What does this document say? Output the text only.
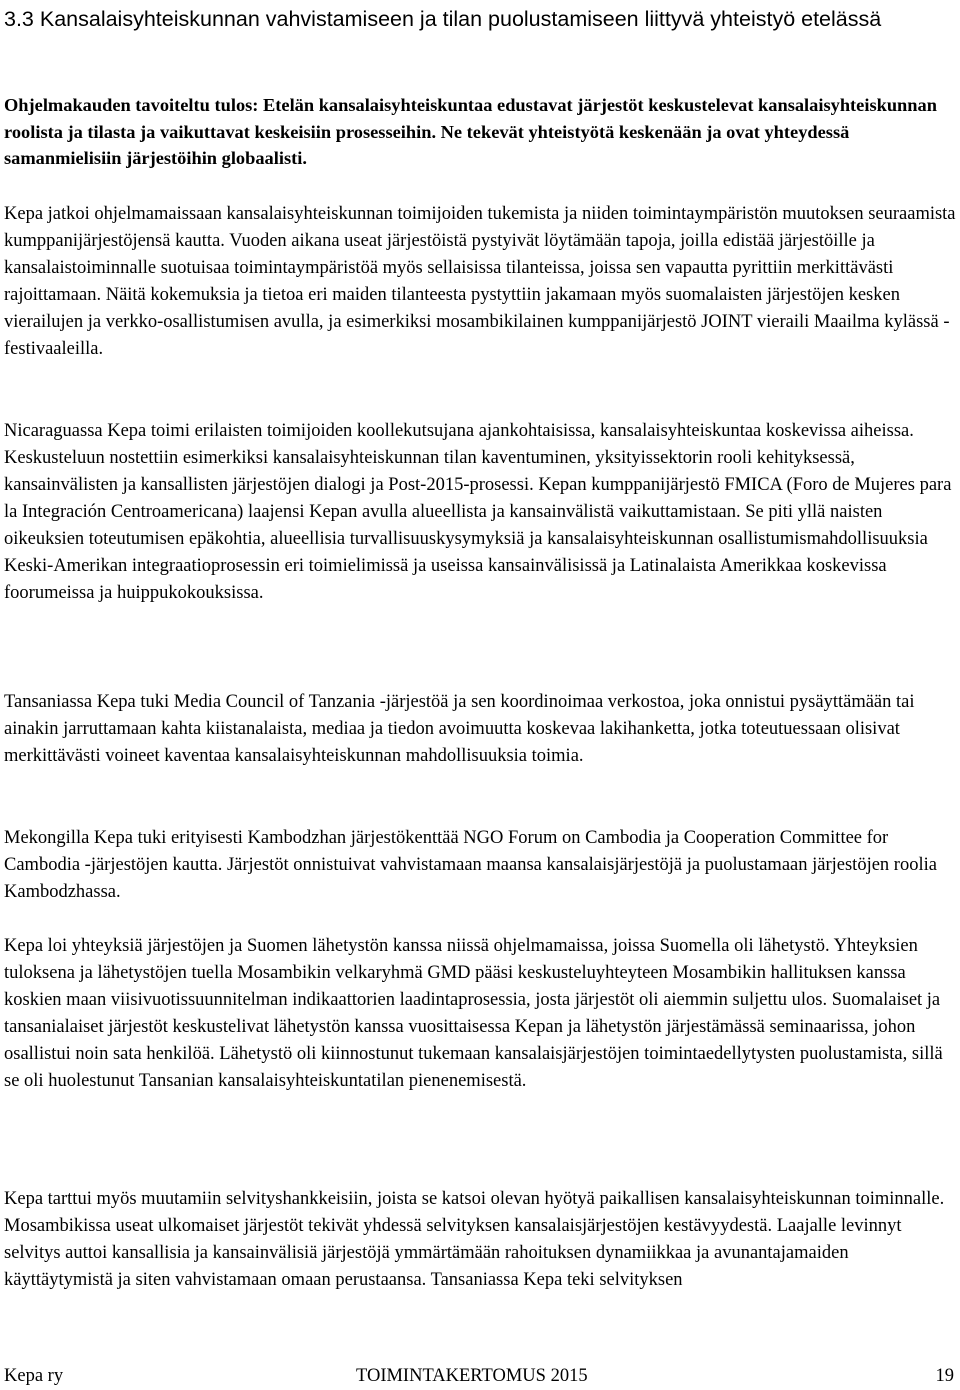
3.3 Kansalaisyhteiskunnan vahvistamiseen ja tilan puolustamiseen liittyvä yhteistyö etelässä

Ohjelmakauden tavoiteltu tulos: Etelän kansalaisyhteiskuntaa edustavat järjestöt keskustelevat kansalaisyhteiskunnan roolista ja tilasta ja vaikuttavat keskeisiin prosesseihin. Ne tekevät yhteistyötä keskenään ja ovat yhteydessä samanmielisiin järjestöihin globaalisti.

Kepa jatkoi ohjelmamaissaan kansalaisyhteiskunnan toimijoiden tukemista ja niiden toimintaympäristön muutoksen seuraamista kumppanijärjestöjensä kautta. Vuoden aikana useat järjestöistä pystyivät löytämään tapoja, joilla edistää järjestöille ja kansalaistoiminnalle suotuisaa toimintaympäristöä myös sellaisissa tilanteissa, joissa sen vapautta pyrittiin merkittävästi rajoittamaan. Näitä kokemuksia ja tietoa eri maiden tilanteesta pystyttiin jakamaan myös suomalaisten järjestöjen kesken vierailujen ja verkko-osallistumisen avulla, ja esimerkiksi mosambikilainen kumppanijärjestö JOINT vieraili Maailma kylässä -festivaaleilla.

Nicaraguassa Kepa toimi erilaisten toimijoiden koollekutsujana ajankohtaisissa, kansalaisyhteiskuntaa koskevissa aiheissa. Keskusteluun nostettiin esimerkiksi kansalaisyhteiskunnan tilan kaventuminen, yksityissektorin rooli kehityksessä, kansainvälisten ja kansallisten järjestöjen dialogi ja Post-2015-prosessi. Kepan kumppanijärjestö FMICA (Foro de Mujeres para la Integración Centroamericana) laajensi Kepan avulla alueellista ja kansainvälistä vaikuttamistaan. Se piti yllä naisten oikeuksien toteutumisen epäkohtia, alueellisia turvallisuuskysymyksiä ja kansalaisyhteiskunnan osallistumismahdollisuuksia Keski-Amerikan integraatioprosessin eri toimielimissä ja useissa kansainvälisissä ja Latinalaista Amerikkaa koskevissa foorumeissa ja huippukokouksissa.

Tansaniassa Kepa tuki Media Council of Tanzania -järjestöä ja sen koordinoimaa verkostoa, joka onnistui pysäyttämään tai ainakin jarruttamaan kahta kiistanalaista, mediaa ja tiedon avoimuutta koskevaa lakihanketta, jotka toteutuessaan olisivat merkittävästi voineet kaventaa kansalaisyhteiskunnan mahdollisuuksia toimia.

Mekongilla Kepa tuki erityisesti Kambodzhan järjestökenttää NGO Forum on Cambodia ja Cooperation Committee for Cambodia -järjestöjen kautta. Järjestöt onnistuivat vahvistamaan maansa kansalaisjärjestöjä ja puolustamaan järjestöjen roolia Kambodzhassa.

Kepa loi yhteyksiä järjestöjen ja Suomen lähetystön kanssa niissä ohjelmamaissa, joissa Suomella oli lähetystö. Yhteyksien tuloksena ja lähetystöjen tuella Mosambikin velkaryhmä GMD pääsi keskusteluyhteyteen Mosambikin hallituksen kanssa koskien maan viisivuotissuunnitelman indikaattorien laadintaprosessia, josta järjestöt oli aiemmin suljettu ulos. Suomalaiset ja tansanialaiset järjestöt keskustelivat lähetystön kanssa vuosittaisessa Kepan ja lähetystön järjestämässä seminaarissa, johon osallistui noin sata henkilöä. Lähetystö oli kiinnostunut tukemaan kansalaisjärjestöjen toimintaedellytysten puolustamista, sillä se oli huolestunut Tansanian kansalaisyhteiskuntatilan pienenemisestä.

Kepa tarttui myös muutamiin selvityshankkeisiin, joista se katsoi olevan hyötyä paikallisen kansalaisyhteiskunnan toiminnalle. Mosambikissa useat ulkomaiset järjestöt tekivät yhdessä selvityksen kansalaisjärjestöjen kestävyydestä. Laajalle levinnyt selvitys auttoi kansallisia ja kansainvälisiä järjestöjä ymmärtämään rahoituksen dynamiikkaa ja avunantajamaiden käyttäytymistä ja siten vahvistamaan omaan perustaansa. Tansaniassa Kepa teki selvityksen

Kepa ry	TOIMINTAKERTOMUS 2015	19
